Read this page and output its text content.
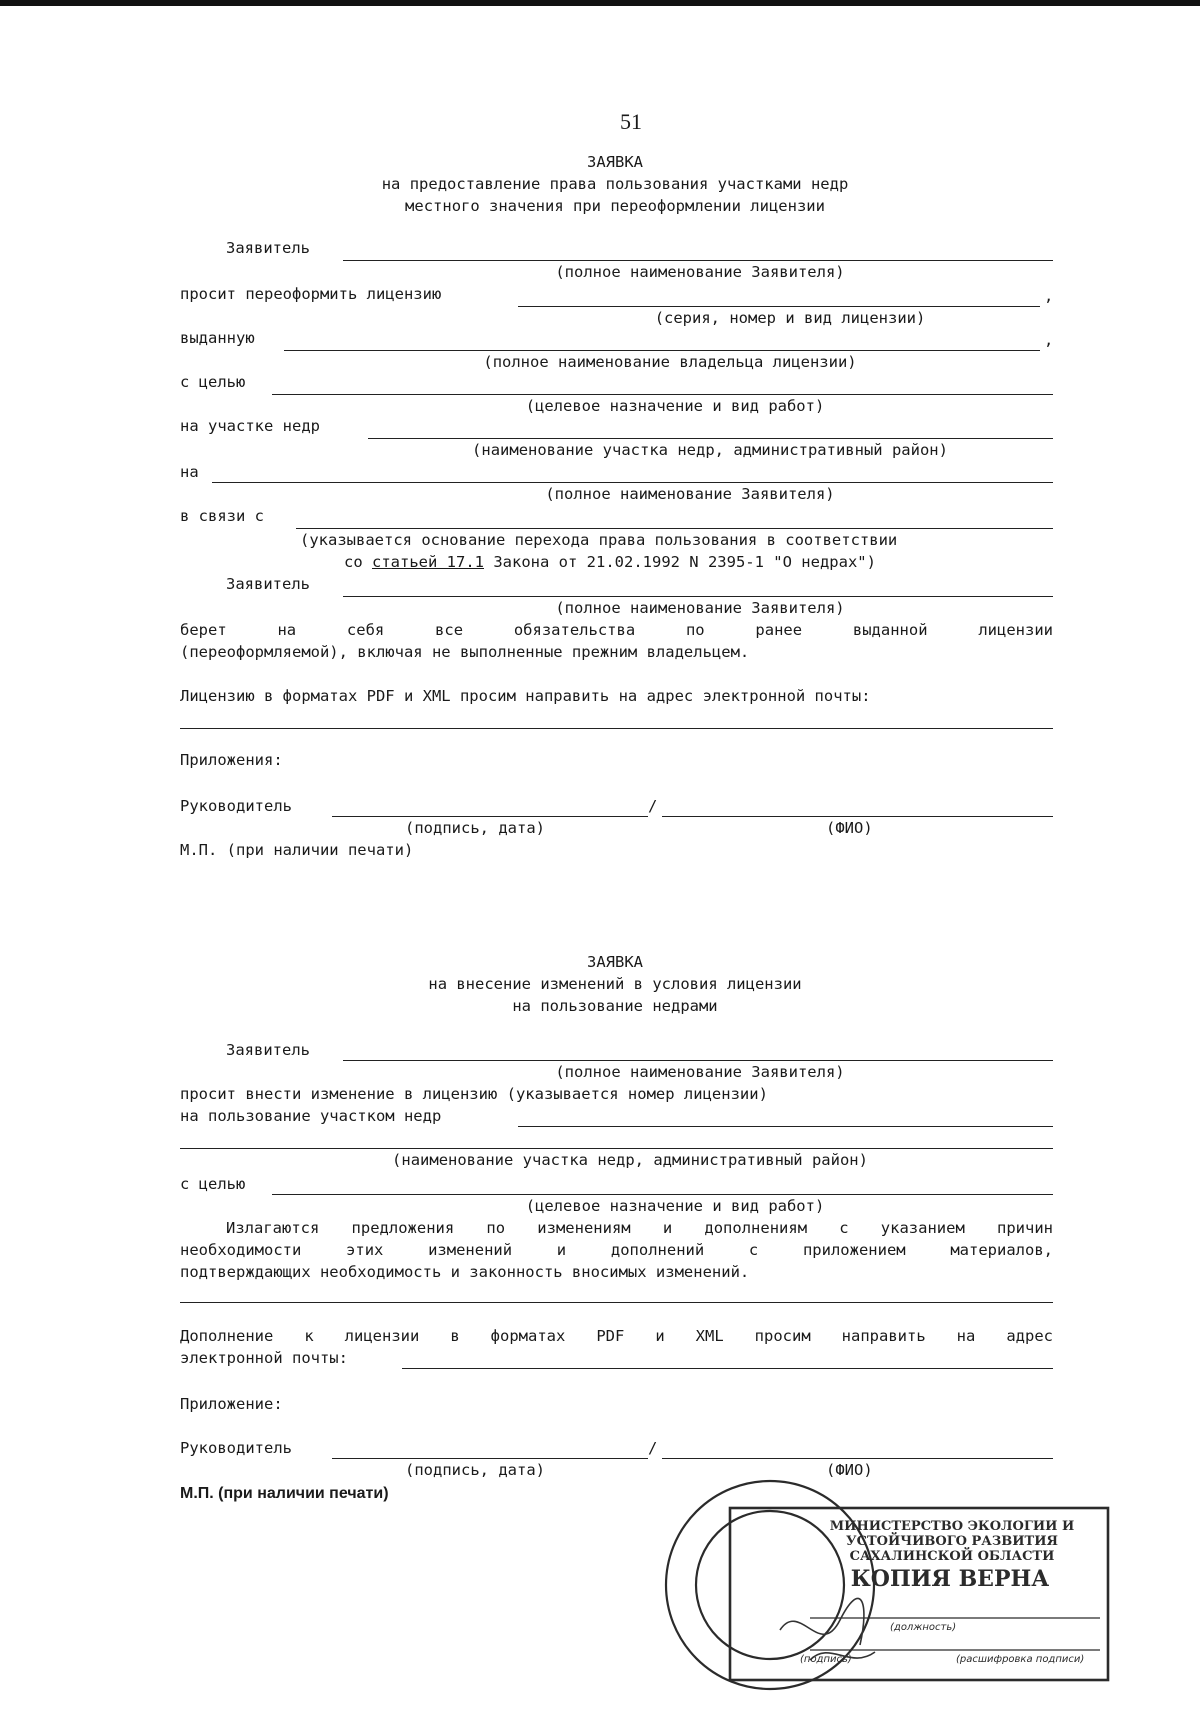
51
ЗАЯВКА
на предоставление права пользования участками недр
местного значения при переоформлении лицензии
Заявитель
(полное наименование Заявителя)
просит переоформить лицензию	,
(серия, номер и вид лицензии)
выданную	,
(полное наименование владельца лицензии)
с целью
(целевое назначение и вид работ)
на участке недр
(наименование участка недр, административный район)
на
(полное наименование Заявителя)
в связи с
(указывается основание перехода права пользования в соответствии
со статьей 17.1 Закона от 21.02.1992 N 2395-1 "О недрах")
Заявитель
(полное наименование Заявителя)
берет на себя все обязательства по ранее выданной лицензии
(переоформляемой), включая не выполненные прежним владельцем.
Лицензию в форматах PDF и XML просим направить на адрес электронной почты:
Приложения:
Руководитель	/
(подпись, дата)	(ФИО)
М.П. (при наличии печати)
ЗАЯВКА
на внесение изменений в условия лицензии
на пользование недрами
Заявитель
(полное наименование Заявителя)
просит внести изменение в лицензию (указывается номер лицензии)
на пользование участком недр
(наименование участка недр, административный район)
с целью
(целевое назначение и вид работ)
Излагаются предложения по изменениям и дополнениям с указанием причин
необходимости этих изменений и дополнений с приложением материалов,
подтверждающих необходимость и законность вносимых изменений.
Дополнение к лицензии в форматах PDF и XML просим направить на адрес
электронной почты:
Приложение:
Руководитель	/
(подпись, дата)	(ФИО)
М.П. (при наличии печати)
МИНИСТЕРСТВО ЭКОЛОГИИ И
УСТОЙЧИВОГО РАЗВИТИЯ
САХАЛИНСКОЙ ОБЛАСТИ
КОПИЯ ВЕРНА
(должность)
(подпись)	(расшифровка подписи)
